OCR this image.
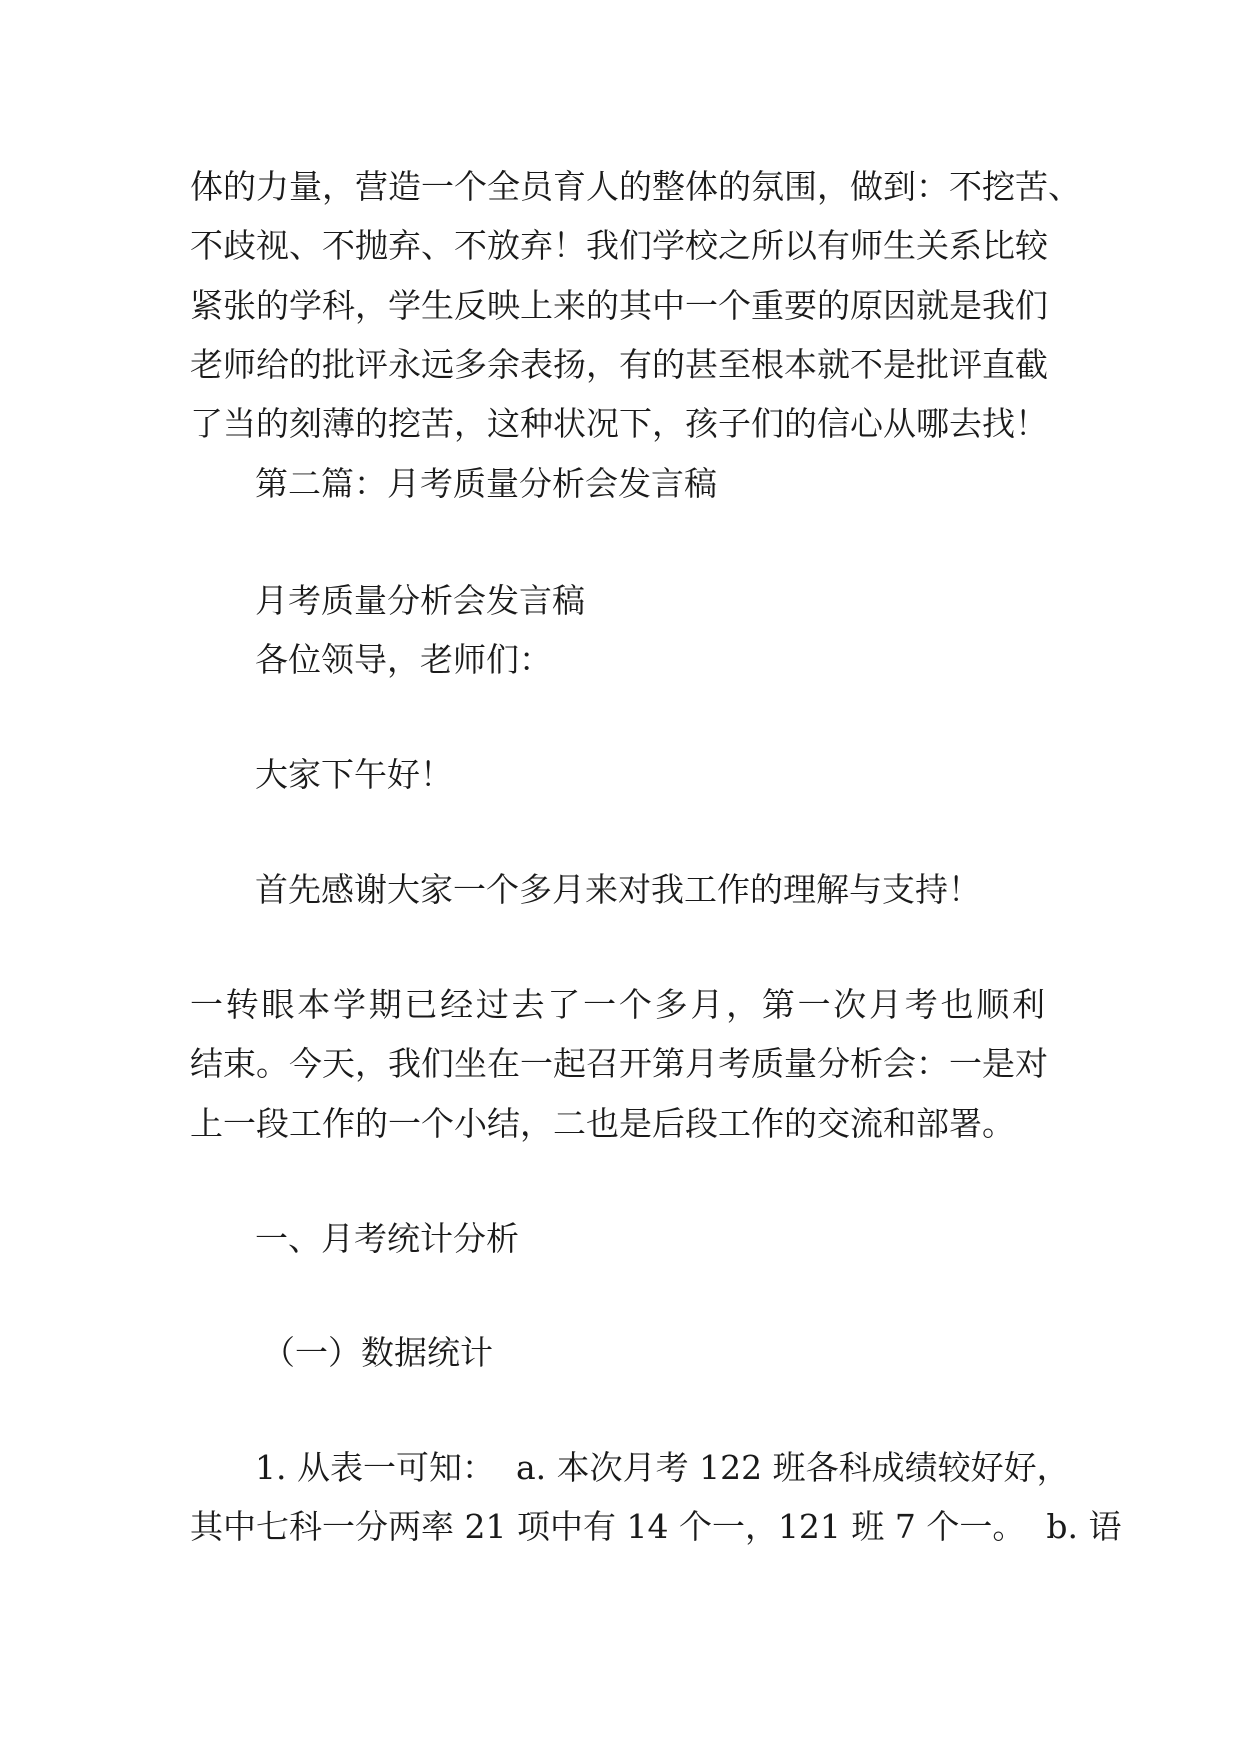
体的力量，营造一个全员育人的整体的氛围，做到：不挖苦、
不歧视、不抛弃、不放弃！我们学校之所以有师生关系比较
紧张的学科，学生反映上来的其中一个重要的原因就是我们
老师给的批评永远多余表扬，有的甚至根本就不是批评直截
了当的刻薄的挖苦，这种状况下，孩子们的信心从哪去找！
第二篇：月考质量分析会发言稿
月考质量分析会发言稿
各位领导，老师们：
大家下午好！
首先感谢大家一个多月来对我工作的理解与支持！
一转眼本学期已经过去了一个多月，第一次月考也顺利
结束。今天，我们坐在一起召开第月考质量分析会：一是对
上一段工作的一个小结，二也是后段工作的交流和部署。
一、月考统计分析
（一）数据统计
1. 从表一可知：  a. 本次月考 122 班各科成绩较好好，
其中七科一分两率 21 项中有 14 个一，121 班 7 个一。  b. 语
